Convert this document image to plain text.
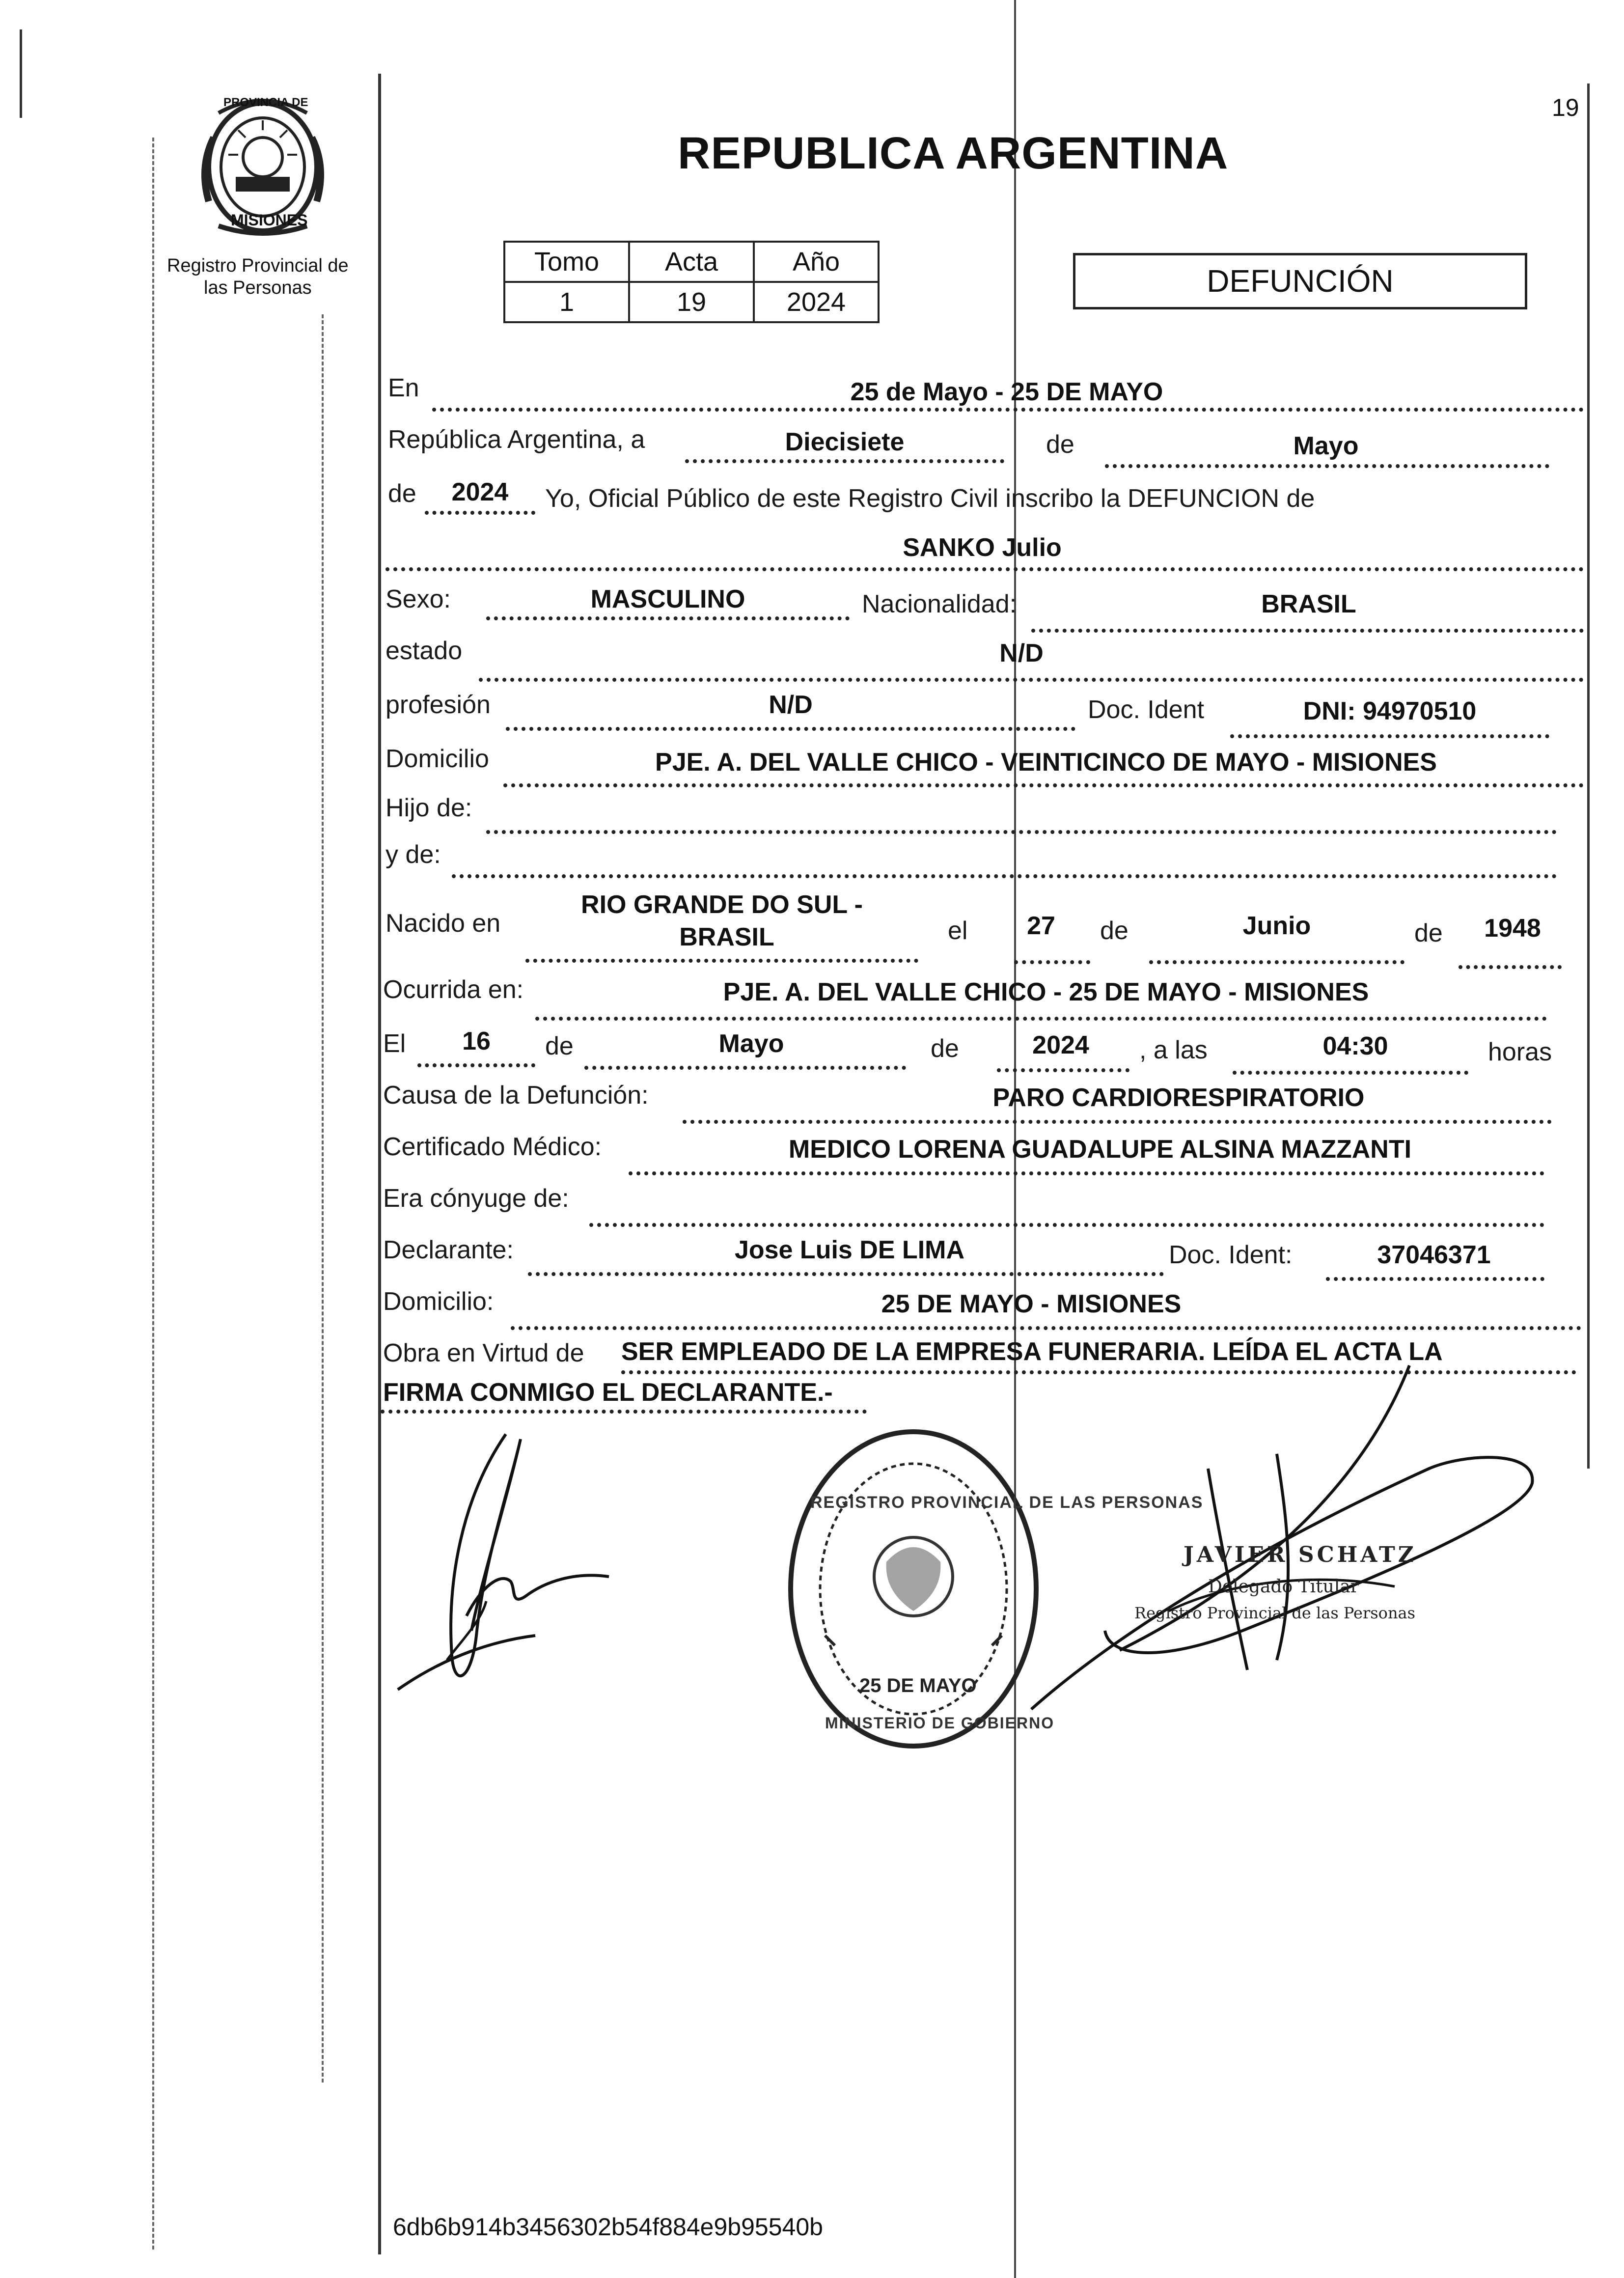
PROVINCIA DE
MISIONES
Registro Provincial de
las Personas
19
REPUBLICA ARGENTINA
Tomo	Acta	Año
1	19	2024
DEFUNCIÓN
En	25 de Mayo - 25 DE MAYO
República Argentina, a	Diecisiete	de	Mayo
de	2024	Yo, Oficial Público de este Registro Civil inscribo la DEFUNCION de
SANKO Julio
Sexo:	MASCULINO	Nacionalidad:	BRASIL
estado	N/D
profesión	N/D	Doc. Ident	DNI: 94970510
Domicilio	PJE. A. DEL VALLE CHICO - VEINTICINCO DE MAYO - MISIONES
Hijo de:
y de:
Nacido en
RIO GRANDE DO SUL -
BRASIL	el	27	de	Junio	de	1948
Ocurrida en:	PJE. A. DEL VALLE CHICO - 25 DE MAYO - MISIONES
El	16	de	Mayo	de	2024	, a las	04:30	horas
Causa de la Defunción:	PARO CARDIORESPIRATORIO
Certificado Médico:	MEDICO LORENA GUADALUPE ALSINA MAZZANTI
Era cónyuge de:
Declarante:	Jose Luis DE LIMA	Doc. Ident:	37046371
Domicilio:	25 DE MAYO - MISIONES
Obra en Virtud de SER EMPLEADO DE LA EMPRESA FUNERARIA. LEÍDA EL ACTA LA
FIRMA CONMIGO EL DECLARANTE.-
REGISTRO PROVINCIAL DE LAS PERSONAS
25 DE MAYO
MINISTERIO DE GOBIERNO
JAVIER SCHATZ
Delegado Titular
Registro Provincial de las Personas
6db6b914b3456302b54f884e9b95540b
